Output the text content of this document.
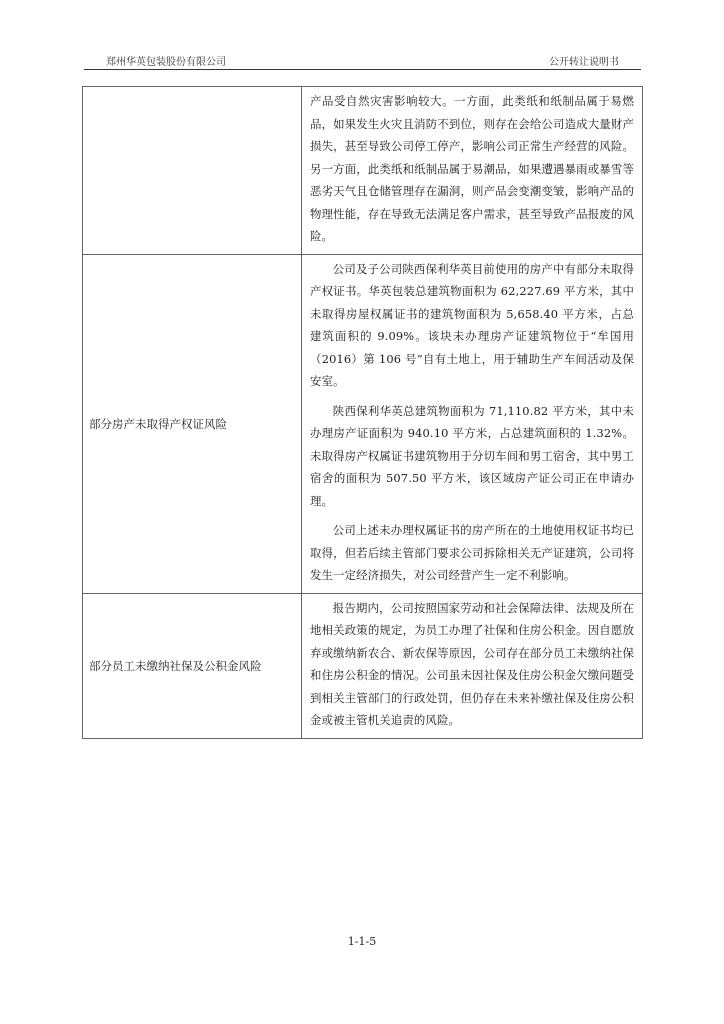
郑州华英包装股份有限公司	公开转让说明书

	产品受自然灾害影响较大。一方面，此类纸和纸制品属于易燃品，如果发生火灾且消防不到位，则存在会给公司造成大量财产损失，甚至导致公司停工停产，影响公司正常生产经营的风险。另一方面，此类纸和纸制品属于易潮品，如果遭遇暴雨或暴雪等恶劣天气且仓储管理存在漏洞，则产品会变潮变皱，影响产品的物理性能，存在导致无法满足客户需求，甚至导致产品报废的风险。

部分房产未取得产权证风险	公司及子公司陕西保利华英目前使用的房产中有部分未取得产权证书。华英包装总建筑物面积为 62,227.69 平方米，其中未取得房屋权属证书的建筑物面积为 5,658.40 平方米，占总建筑面积的 9.09%。该块未办理房产证建筑物位于“牟国用（2016）第 106 号”自有土地上，用于辅助生产车间活动及保安室。

陕西保利华英总建筑物面积为 71,110.82 平方米，其中未办理房产证面积为 940.10 平方米，占总建筑面积的 1.32%。未取得房产权属证书建筑物用于分切车间和男工宿舍，其中男工宿舍的面积为 507.50 平方米，该区域房产证公司正在申请办理。

公司上述未办理权属证书的房产所在的土地使用权证书均已取得，但若后续主管部门要求公司拆除相关无产证建筑，公司将发生一定经济损失，对公司经营产生一定不利影响。

部分员工未缴纳社保及公积金风险	报告期内，公司按照国家劳动和社会保障法律、法规及所在地相关政策的规定，为员工办理了社保和住房公积金。因自愿放弃或缴纳新农合、新农保等原因，公司存在部分员工未缴纳社保和住房公积金的情况。公司虽未因社保及住房公积金欠缴问题受到相关主管部门的行政处罚，但仍存在未来补缴社保及住房公积金或被主管机关追责的风险。

1-1-5
